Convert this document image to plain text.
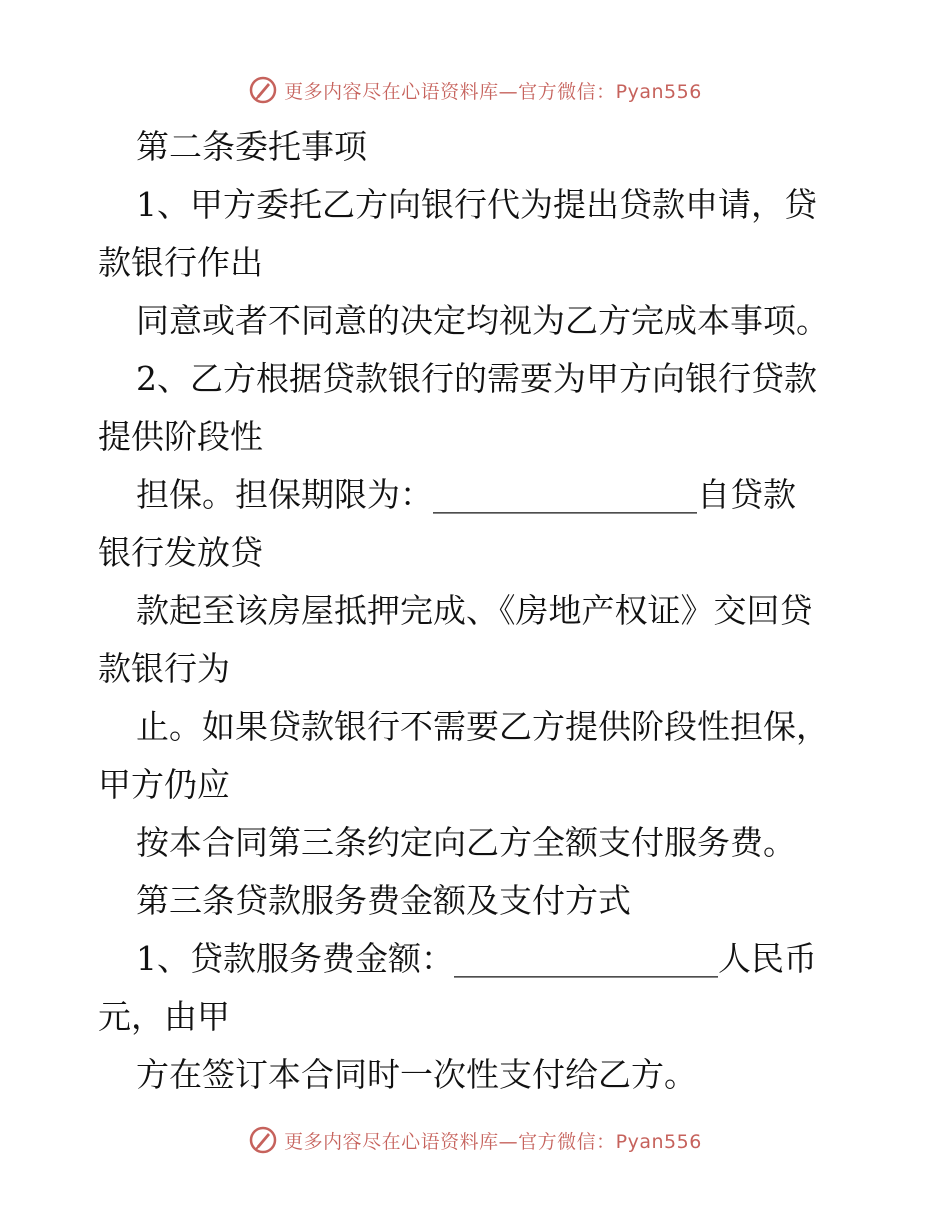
更多内容尽在心语资料库—官方微信：Pyan556
第二条委托事项
1、甲方委托乙方向银行代为提出贷款申请，贷
款银行作出
同意或者不同意的决定均视为乙方完成本事项。
2、乙方根据贷款银行的需要为甲方向银行贷款
提供阶段性
担保。担保期限为：________________自贷款
银行发放贷
款起至该房屋抵押完成、《房地产权证》交回贷
款银行为
止。如果贷款银行不需要乙方提供阶段性担保，
甲方仍应
按本合同第三条约定向乙方全额支付服务费。
第三条贷款服务费金额及支付方式
1、贷款服务费金额：________________人民币
元，由甲
方在签订本合同时一次性支付给乙方。
更多内容尽在心语资料库—官方微信：Pyan556
